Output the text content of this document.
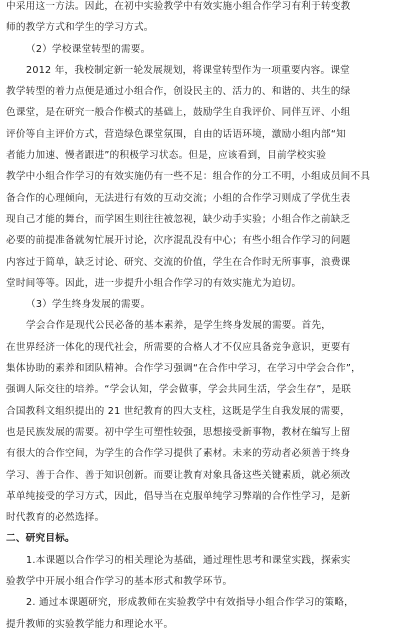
中采用这一方法。因此，在初中实验教学中有效实施小组合作学习有利于转变教
师的教学方式和学生的学习方式。
（2）学校课堂转型的需要。
2012 年，我校制定新一轮发展规划，将课堂转型作为一项重要内容。课堂
教学转型的着力点便是通过小组合作，创设民主的、活力的、和谐的、共生的绿
色课堂，是在研究一般合作模式的基础上，鼓励学生自我评价、同伴互评、小组
评价等自主评价方式，营造绿色课堂氛围，自由的话语环境，激励小组内部“知
者能力加速、慢者跟进”的积极学习状态。但是，应该看到，目前学校实验
教学中小组合作学习的有效实施仍有一些不足：组合作的分工不明，小组成员间不具
备合作的心理倾向，无法进行有效的互动交流；小组的合作学习则成了学优生表
现自己才能的舞台，而学困生则往往被忽视，缺少动手实验；小组合作之前缺乏
必要的前提准备就匆忙展开讨论，次序混乱没有中心；有些小组合作学习的问题
内容过于简单，缺乏讨论、研究、交流的价值，学生在合作时无所事事，浪费课
堂时间等等。因此，进一步提升小组合作学习的有效实施尤为迫切。
（3）学生终身发展的需要。
学会合作是现代公民必备的基本素养，是学生终身发展的需要。首先，
在世界经济一体化的现代社会，所需要的合格人才不仅应具备竞争意识，更要有
集体协助的素养和团队精神。合作学习强调“在合作中学习，在学习中学会合作”，
强调人际交往的培养。“学会认知，学会做事，学会共同生活，学会生存”，是联
合国教科文组织提出的 21 世纪教育的四大支柱，这既是学生自我发展的需要，
也是民族发展的需要。初中学生可塑性较强，思想接受新事物，教材在编写上留
有很大的合作空间，为学生的合作学习提供了素材。未来的劳动者必须善于终身
学习、善于合作、善于知识创新。而要让教育对象具备这些关键素质，就必须改
革单纯接受的学习方式，因此，倡导当在克服单纯学习弊端的合作性学习，是新
时代教育的必然选择。
二、研究目标。
1.本课题以合作学习的相关理论为基础，通过理性思考和课堂实践，探索实
验教学中开展小组合作学习的基本形式和教学环节。
2. 通过本课题研究，形成教师在实验教学中有效指导小组合作学习的策略，
提升教师的实验教学能力和理论水平。
